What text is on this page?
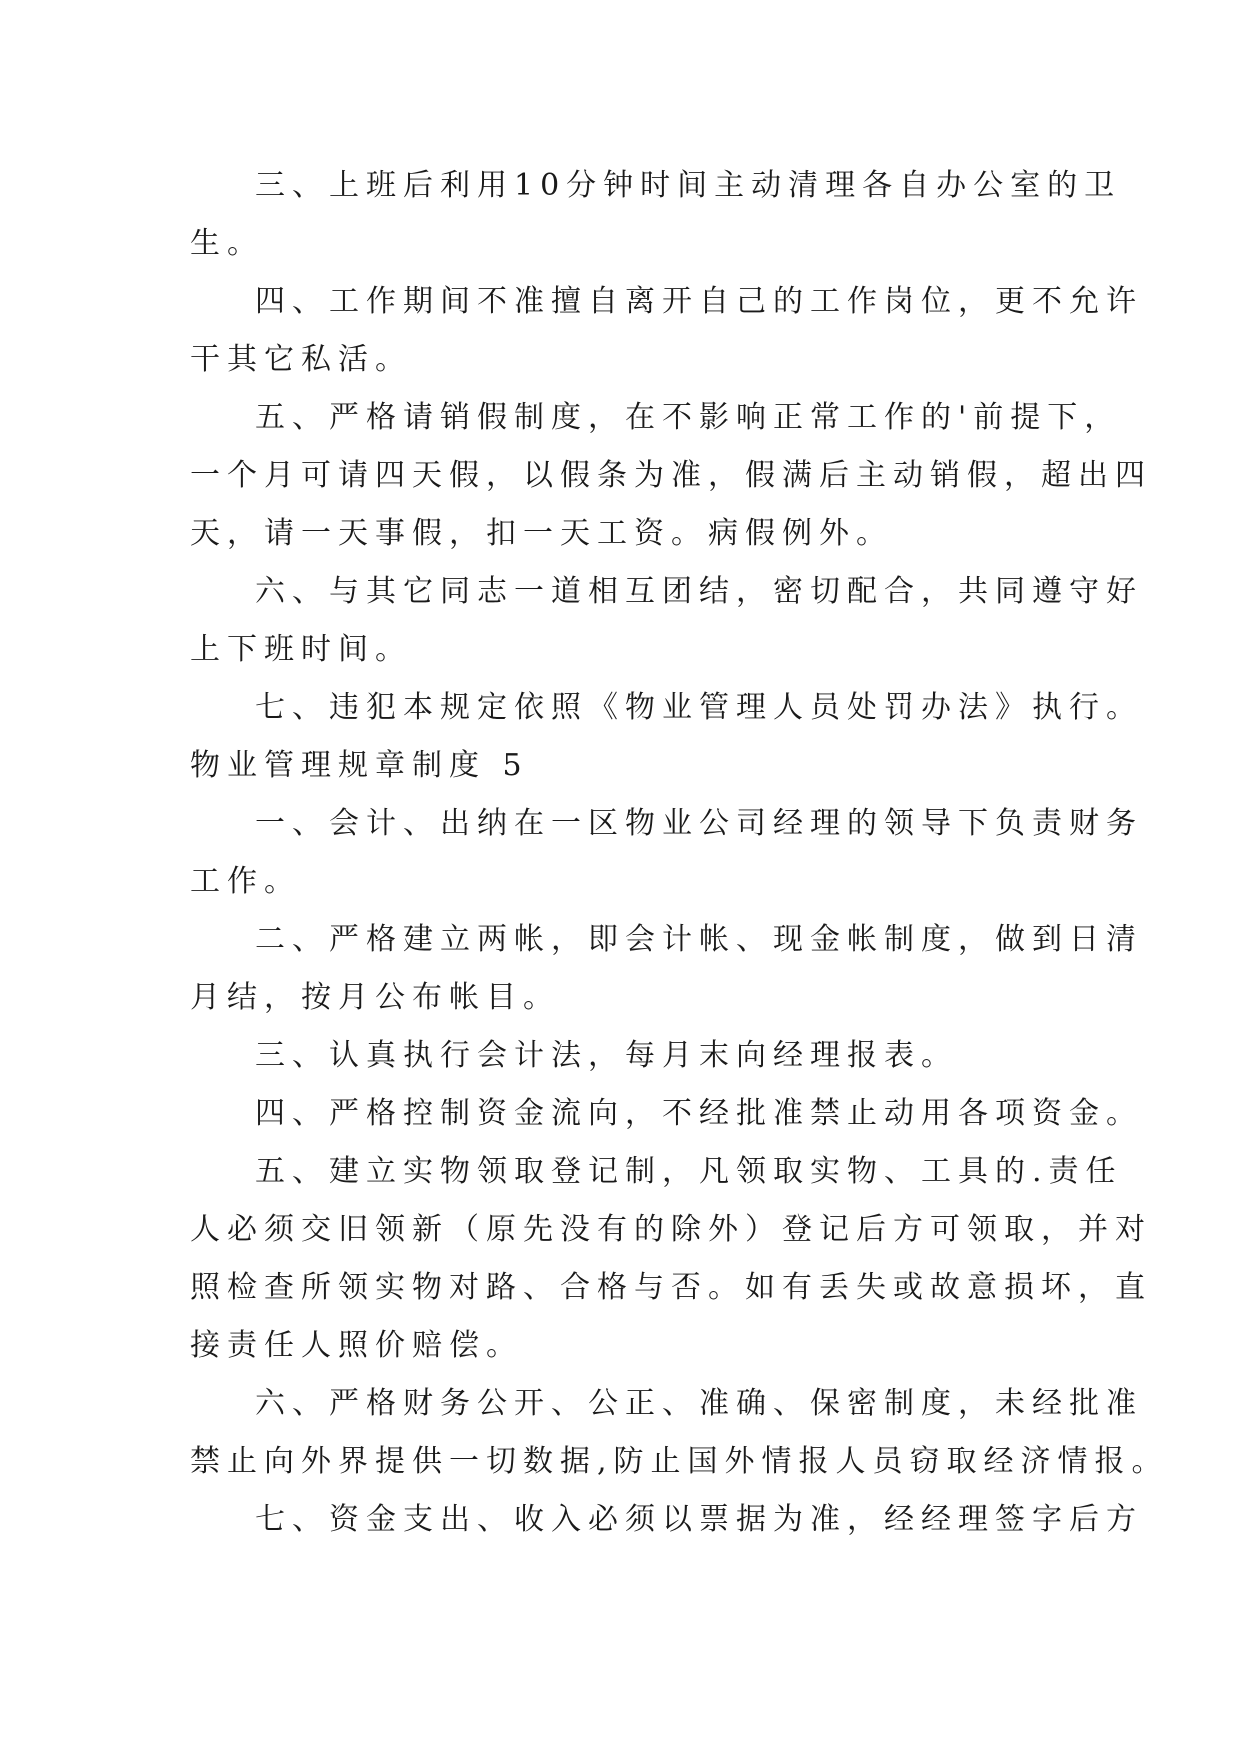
三、上班后利用10分钟时间主动清理各自办公室的卫
生。
四、工作期间不准擅自离开自己的工作岗位，更不允许
干其它私活。
五、严格请销假制度，在不影响正常工作的'前提下，
一个月可请四天假，以假条为准，假满后主动销假，超出四
天，请一天事假，扣一天工资。病假例外。
六、与其它同志一道相互团结，密切配合，共同遵守好
上下班时间。
七、违犯本规定依照《物业管理人员处罚办法》执行。
物业管理规章制度 5
一、会计、出纳在一区物业公司经理的领导下负责财务
工作。
二、严格建立两帐，即会计帐、现金帐制度，做到日清
月结，按月公布帐目。
三、认真执行会计法，每月末向经理报表。
四、严格控制资金流向，不经批准禁止动用各项资金。
五、建立实物领取登记制，凡领取实物、工具的.责任
人必须交旧领新（原先没有的除外）登记后方可领取，并对
照检查所领实物对路、合格与否。如有丢失或故意损坏，直
接责任人照价赔偿。
六、严格财务公开、公正、准确、保密制度，未经批准
禁止向外界提供一切数据,防止国外情报人员窃取经济情报。
七、资金支出、收入必须以票据为准，经经理签字后方
